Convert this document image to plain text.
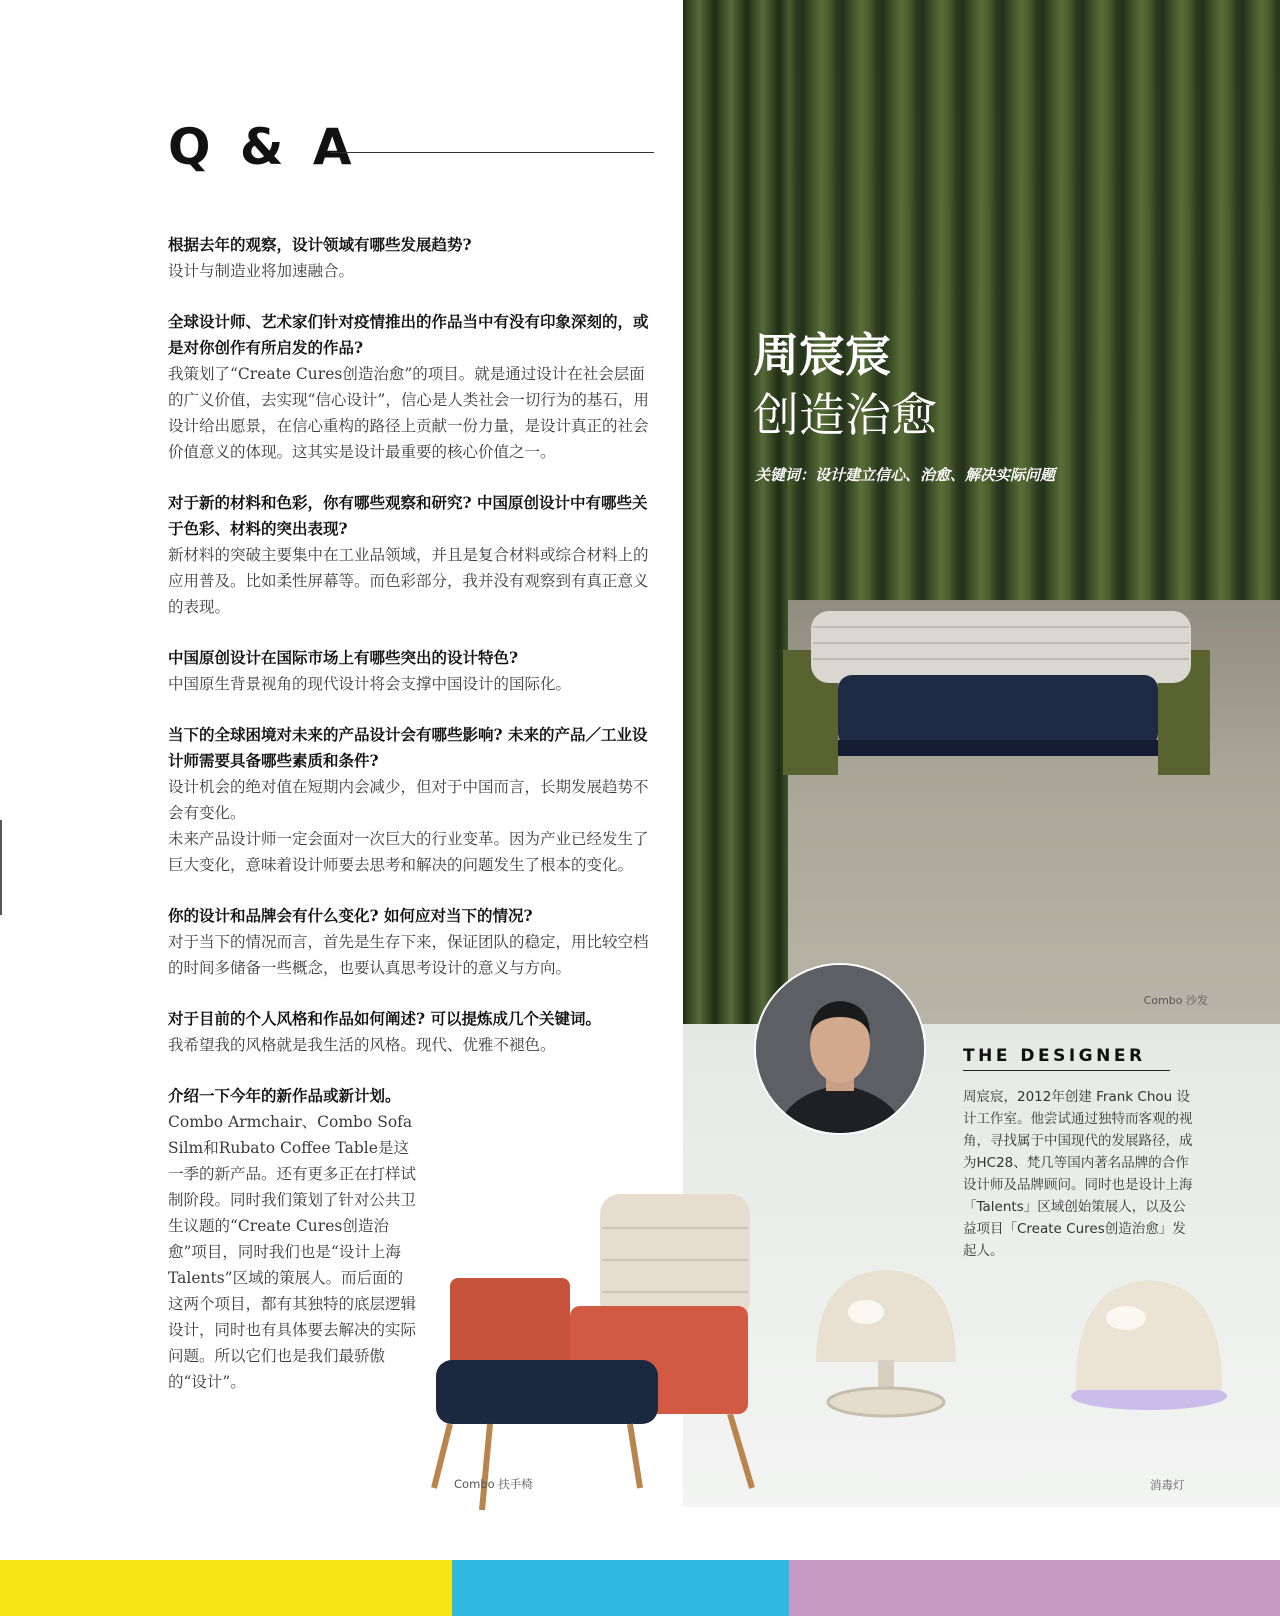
Q & A

根据去年的观察，设计领域有哪些发展趋势?

设计与制造业将加速融合。

全球设计师、艺术家们针对疫情推出的作品当中有没有印象深刻的，或是对你创作有所启发的作品?

我策划了“Create Cures创造治愈”的项目。就是通过设计在社会层面的广义价值，去实现“信心设计”，信心是人类社会一切行为的基石，用设计给出愿景，在信心重构的路径上贡献一份力量，是设计真正的社会价值意义的体现。这其实是设计最重要的核心价值之一。

对于新的材料和色彩，你有哪些观察和研究? 中国原创设计中有哪些关于色彩、材料的突出表现?

新材料的突破主要集中在工业品领域，并且是复合材料或综合材料上的应用普及。比如柔性屏幕等。而色彩部分，我并没有观察到有真正意义的表现。

中国原创设计在国际市场上有哪些突出的设计特色?

中国原生背景视角的现代设计将会支撑中国设计的国际化。

当下的全球困境对未来的产品设计会有哪些影响? 未来的产品／工业设计师需要具备哪些素质和条件?

设计机会的绝对值在短期内会减少，但对于中国而言，长期发展趋势不会有变化。

未来产品设计师一定会面对一次巨大的行业变革。因为产业已经发生了巨大变化，意味着设计师要去思考和解决的问题发生了根本的变化。

你的设计和品牌会有什么变化? 如何应对当下的情况?

对于当下的情况而言，首先是生存下来，保证团队的稳定，用比较空档的时间多储备一些概念，也要认真思考设计的意义与方向。

对于目前的个人风格和作品如何阐述? 可以提炼成几个关键词。

我希望我的风格就是我生活的风格。现代、优雅不褪色。

介绍一下今年的新作品或新计划。

Combo Armchair、Combo Sofa Silm和Rubato Coffee Table是这一季的新产品。还有更多正在打样试制阶段。同时我们策划了针对公共卫生议题的“Create Cures创造治愈”项目，同时我们也是“设计上海Talents”区域的策展人。而后面的这两个项目，都有其独特的底层逻辑设计，同时也有具体要去解决的实际问题。所以它们也是我们最骄傲的“设计”。

周宸宸

创造治愈

关键词：设计建立信心、治愈、解决实际问题

Combo 沙发
THE DESIGNER

周宸宸，2012年创建 Frank Chou 设计工作室。他尝试通过独特而客观的视角，寻找属于中国现代的发展路径，成为HC28、梵几等国内著名品牌的合作设计师及品牌顾问。同时也是设计上海「Talents」区域创始策展人，以及公益项目「Create Cures创造治愈」发起人。

Combo 扶手椅	消毒灯
